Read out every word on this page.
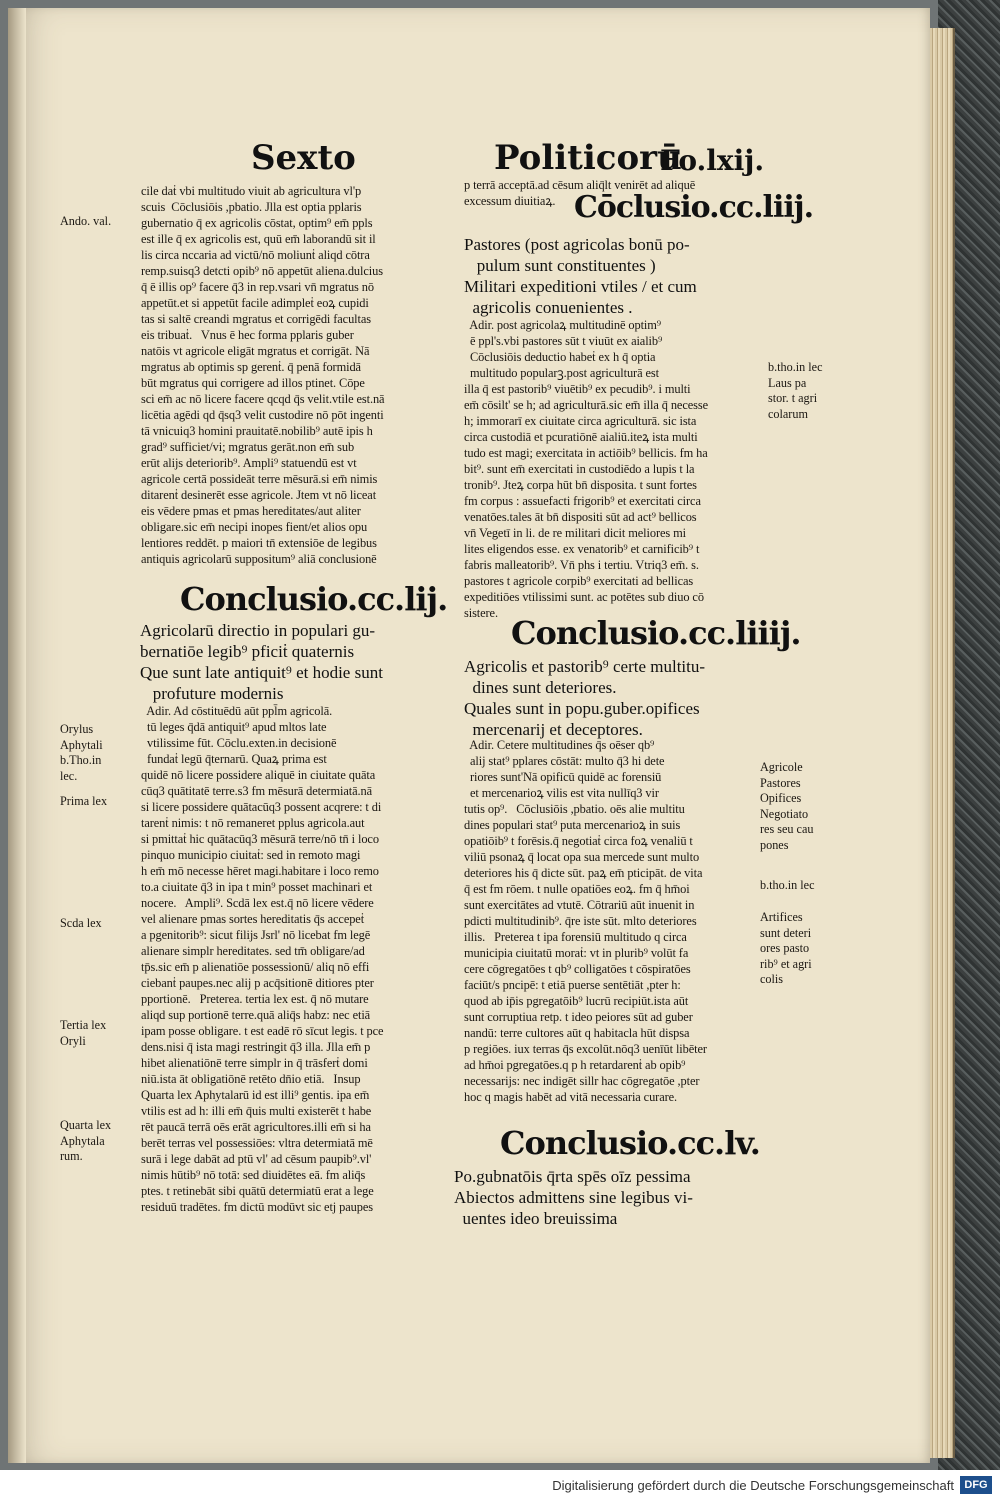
Sexto	Politicorū
Fo.lxij.
cile daṫ vbi multitudo viuit ab agricultura vl'p
scuis  Cōclusiōis ,pbatio. Jlla est optia pplaris
gubernatio q̄ ex agricolis cōstat, optim⁹ em̄ ppls
est ille q̄ ex agricolis est, quū em̄ laborandū sit il
lis circa nccaria ad victū/nō moliunṫ aliqd cōtra
remp.suisq3 detcti opib⁹ nō appetūt aliena.dulcius
q̄ ē illis op⁹ facere q̄3 in rep.vsari vn̄ mgratus nō
appetūt.et si appetūt facile adimpleṫ eoꝝ cupidi
tas si saltē creandi mgratus et corrigēdi facultas
eis tribuaṫ.   Vnus ē hec forma pplaris guber
natōis vt agricole eligāt mgratus et corrigāt. Nā
mgratus ab optimis sp gerenṫ. q̄ penā formidā
būt mgratus qui corrigere ad illos ptinet. Cōpe
sci em̄ ac nō licere facere qcqd q̄s velit.vtile est.nā
licētia agēdi qd q̄sq3 velit custodire nō pōt ingenti
tā vnicuiq3 homini prauitatē.nobilib⁹ autē ipis h
grad⁹ sufficiet/vi; mgratus gerāt.non em̄ sub
erūt alijs deteriorib⁹. Ampli⁹ statuendū est vt
agricole certā possideāt terre mēsurā.si em̄ nimis
ditarenṫ desinerēt esse agricole. Jtem vt nō liceat
eis vēdere pmas et pmas hereditates/aut aliter
obligare.sic em̄ necipi inopes fient/et alios opu
lentiores reddēt. p maiori tn̄ extensiōe de legibus
antiquis agricolarū suppositum⁹ aliā conclusionē
Conclusio.cc.lij.
Agricolarū directio in populari gu-
bernatiōe legib⁹ pficiṫ quaternis
Que sunt late antiquit⁹ et hodie sunt
profuture modernis
Adir. Ad cōstituēdū aūt ppl̄m agricolā.
tū leges q̄dā antiquit⁹ apud mltos late
vtilissime fūt. Cōclu.exten.in decisionē
fundaṫ legū q̄ternarū. Quaꝝ prima est
quidē nō licere possidere aliquē in ciuitate quāta
cūq3 quātitatē terre.s3 fm mēsurā determiatā.nā
si licere possidere quātacūq3 possent acqrere: t di
tarenṫ nimis: t nō remaneret pplus agricola.aut
si pmittaṫ hic quātacūq3 mēsurā terre/nō tn̄ i loco
pinquo municipio ciuitaṫ: sed in remoto magi
h em̄ mō necesse hēret magi.habitare i loco remo
to.a ciuitate q̄3 in ipa t min⁹ posset machinari et
nocere.   Ampli⁹. Scdā lex est.q̄ nō licere vēdere
vel alienare pmas sortes hereditatis q̄s accepeṫ
a pgenitorib⁹: sicut filijs Jsrl' nō licebat fm legē
alienare simplr hereditates. sed tm̄ obligare/ad
tp̄s.sic em̄ p alienatiōe possessionū/ aliq nō effi
ciebanṫ paupes.nec alij p acq̄sitionē ditiores pter
pportionē.   Preterea. tertia lex est. q̄ nō mutare
aliqd sup portionē terre.quā aliq̄s habz: nec etiā
ipam posse obligare. t est eadē rō sīcut legis. t pce
dens.nisi q̄ ista magi restringit q̄3 illa. Jlla em̄ p
hibet alienatiōnē terre simplr in q̄ trāsferṫ domi
niū.ista āt obligatiōnē retēto dn̄io etiā.   Insup
Quarta lex Aphytalarū id est illi⁹ gentis. ipa em̄
vtilis est ad h: illi em̄ q̄uis multi existerēt t habe
rēt paucā terrā oēs erāt agricultores.illi em̄ si ha
berēt terras vel possessiōes: vltra determiatā mē
surā i lege dabāt ad ptū vl' ad cēsum paupib⁹.vl'
nimis hūtib⁹ nō totā: sed diuidētes eā. fm aliq̄s
ptes. t retinebāt sibi quātū determiatū erat a lege
residuū tradētes. fm dictū modūvt sic etj paupes
p terrā acceptā.ad cēsum aliq̄lt venirēt ad aliquē
excessum diuitiaꝝ. Cōclusio.cc.liij.
Pastores (post agricolas bonū po-
pulum sunt constituentes )
Militari expeditioni vtiles / et cum
agricolis conuenientes .
Adir. post agricolaꝝ multitudinē optim⁹
ē ppl's.vbi pastores sūt t viuūt ex aialib⁹
Cōclusiōis deductio habeṫ ex h q̄ optia
multitudo popularꝫ.post agriculturā est
illa q̄ est pastorib⁹ viuētib⁹ ex pecudib⁹. i multi
em̄ cōsilt' se h; ad agriculturā.sic em̄ illa q̄ necesse
h; immorarī ex ciuitate circa agriculturā. sic ista
circa custodiā et pcuratiōnē aialiū.iteꝝ ista multi
tudo est magi; exercitata in actiōib⁹ bellicis. fm ha
bit⁹. sunt em̄ exercitati in custodiēdo a lupis t la
tronib⁹. Jteꝝ corpa hūt bn̄ disposita. t sunt fortes
fm corpus : assuefacti frigorib⁹ et exercitati circa
venatōes.tales āt bn̄ dispositi sūt ad act⁹ bellicos
vn̄ Vegetī in li. de re militari dicit meliores mi
lites eligendos esse. ex venatorib⁹ et carnificib⁹ t
fabris malleatorib⁹. Vn̄ phs i tertiu. Vtriq3 em̄. s.
pastores t agricole corpib⁹ exercitati ad bellicas
expeditiōes vtilissimi sunt. ac potētes sub diuo cō
sistere.
Conclusio.cc.liiij.
Agricolis et pastorib⁹ certe multitu-
dines sunt deteriores.
Quales sunt in popu.guber.opifices
mercenarij et deceptores.
Adir. Cetere multitudines q̄s oēser qb⁹
alij stat⁹ pplares cōstāt: multo q̄3 hi dete
riores sunt'Nā opificū quidē ac forensiū
et mercenarioꝝ vilis est vita nullīq3 vir
tutis op⁹.   Cōclusiōis ,pbatio. oēs alie multitu
dines populari stat⁹ puta mercenarioꝝ in suis
opatiōib⁹ t forēsis.q̄ negotiaṫ circa foꝝ venaliū t
viliū psonaꝝ q̄ locat opa sua mercede sunt multo
deteriores his q̄ dicte sūt. paꝝ em̄ pticipāt. de vita
q̄ est fm rōem. t nulle opatiōes eoꝝ. fm q̄ hm̄oi
sunt exercitātes ad vtutē. Cōtrariū aūt inuenit in
pdicti multitudinib⁹. q̄re iste sūt. mlto deteriores
illis.   Preterea t ipa forensiū multitudo q circa
municipia ciuitatū moraṫ: vt in plurib⁹ volūt fa
cere cōgregatōes t qb⁹ colligatōes t cōspiratōes
faciūt/s pncipē: t etiā puerse sentētiāt ,pter h:
quod ab ip̄is pgregatōib⁹ lucrū recipiūt.ista aūt
sunt corruptiua retp. t ideo peiores sūt ad guber
nandū: terre cultores aūt q habitacla hūt dispsa
p regiōes. iux terras q̄s excolūt.nōq3 uenīūt libēter
ad hm̄oi pgregatōes.q p h retardarenṫ ab opib⁹
necessarijs: nec indigēt sillr hac cōgregatōe ,pter
hoc q magis habēt ad vitā necessaria curare.
Conclusio.cc.lv.
Po.gubnatōis q̄rta spēs oīz pessima
Abiectos admittens sine legibus vi-
uentes ideo breuissima
Ando. val.
Orylus
Aphytali
b.Tho.in
lec.
Prima lex
Scda lex
Tertia lex
Oryli
Quarta lex
Aphytala
rum.
b.tho.in lec
Laus pa
stor. t agri
colarum
Agricole
Pastores
Opifices
Negotiato
res seu cau
pones
b.tho.in lec
Artifices
sunt deteri
ores pasto
rib⁹ et agri
colis
Digitalisierung gefördert durch die Deutsche Forschungsgemeinschaft DFG
